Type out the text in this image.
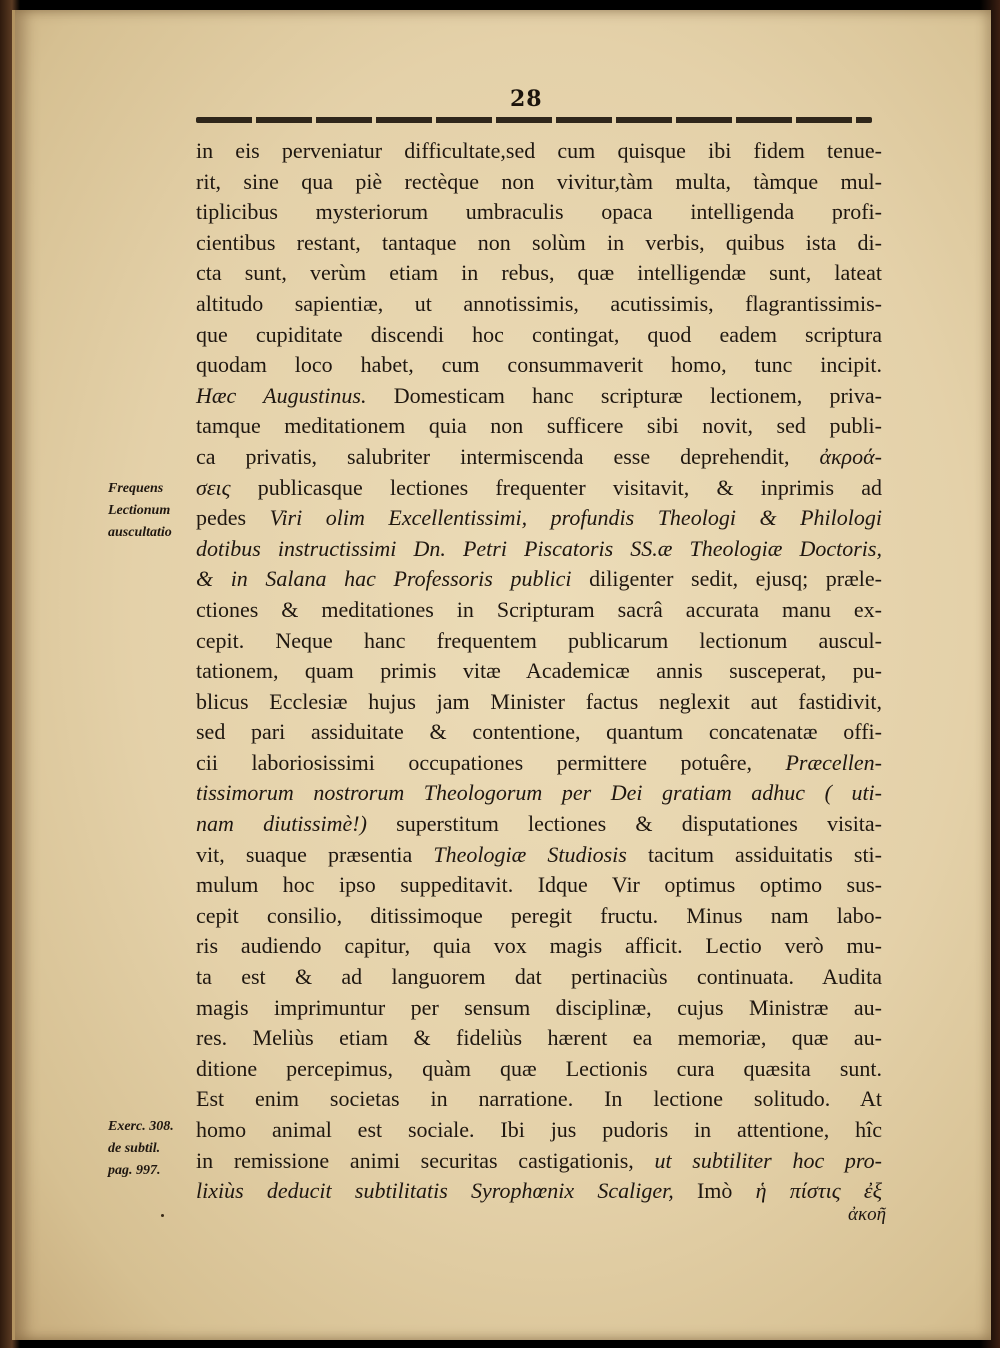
28
in eis perveniatur difficultate,sed cum quisque ibi fidem tenue-
rit, sine qua piè rectèque non vivitur,tàm multa, tàmque mul-
tiplicibus mysteriorum umbraculis opaca intelligenda profi-
cientibus restant, tantaque non solùm in verbis, quibus ista di-
cta sunt, verùm etiam in rebus, quæ intelligendæ sunt, lateat
altitudo sapientiæ, ut annotissimis, acutissimis, flagrantissimis-
que cupiditate discendi hoc contingat, quod eadem scriptura
quodam loco habet, cum consummaverit homo, tunc incipit.
Hæc Augustinus. Domesticam hanc scripturæ lectionem, priva-
tamque meditationem quia non sufficere sibi novit, sed publi-
ca privatis, salubriter intermiscenda esse deprehendit, ἀκροά-
σεις publicasque lectiones frequenter visitavit, & inprimis ad
pedes Viri olim Excellentissimi, profundis Theologi & Philologi
dotibus instructissimi Dn. Petri Piscatoris SS.æ Theologiæ Doctoris,
& in Salana hac Professoris publici diligenter sedit, ejusq; præle-
ctiones & meditationes in Scripturam sacrâ accurata manu ex-
cepit. Neque hanc frequentem publicarum lectionum auscul-
tationem, quam primis vitæ Academicæ annis susceperat, pu-
blicus Ecclesiæ hujus jam Minister factus neglexit aut fastidivit,
sed pari assiduitate & contentione, quantum concatenatæ offi-
cii laboriosissimi occupationes permittere potuêre, Præcellen-
tissimorum nostrorum Theologorum per Dei gratiam adhuc ( uti-
nam diutissimè!) superstitum lectiones & disputationes visita-
vit, suaque præsentia Theologiæ Studiosis tacitum assiduitatis sti-
mulum hoc ipso suppeditavit. Idque Vir optimus optimo sus-
cepit consilio, ditissimoque peregit fructu. Minus nam labo-
ris audiendo capitur, quia vox magis afficit. Lectio verò mu-
ta est & ad languorem dat pertinaciùs continuata. Audita
magis imprimuntur per sensum disciplinæ, cujus Ministræ au-
res. Meliùs etiam & fideliùs hærent ea memoriæ, quæ au-
ditione percepimus, quàm quæ Lectionis cura quæsita sunt.
Est enim societas in narratione. In lectione solitudo. At
homo animal est sociale. Ibi jus pudoris in attentione, hîc
in remissione animi securitas castigationis, ut subtiliter hoc pro-
lixiùs deducit subtilitatis Syrophœnix Scaliger, Imò ἡ πίστις ἐξ
Frequens
Lectionum
auscultatio
Exerc. 308.
de subtil.
pag. 997.
ἀκοῆ
